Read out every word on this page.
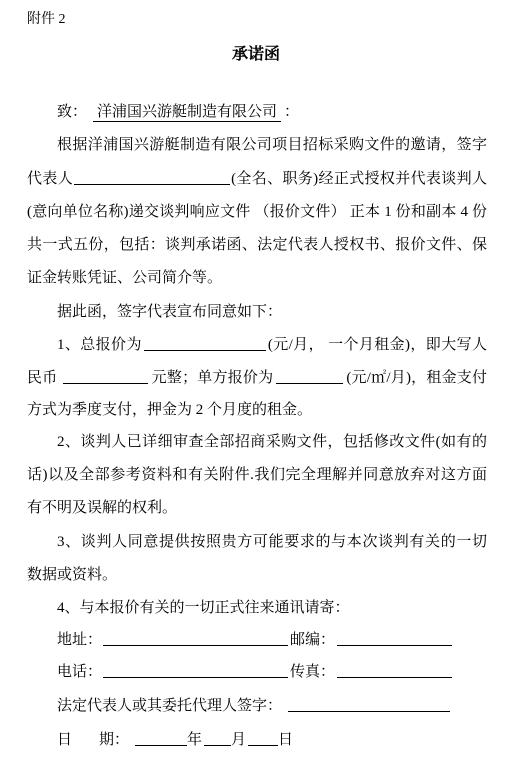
附件 2
承诺函
致： 洋浦国兴游艇制造有限公司 ：
根据洋浦国兴游艇制造有限公司项目招标采购文件的邀请，签字
代表人	(全名、职务)经正式授权并代表谈判人
(意向单位名称)递交谈判响应文件 （报价文件） 正本 1 份和副本 4 份
共一式五份，包括：谈判承诺函、法定代表人授权书、报价文件、保
证金转账凭证、公司简介等。
据此函，签字代表宣布同意如下：
1、总报价为	(元/月， 一个月租金)，即大写人
民币	元整；单方报价为	(元/㎡/月)，租金支付
方式为季度支付，押金为 2 个月度的租金。
2、谈判人已详细审查全部招商采购文件，包括修改文件(如有的
话)以及全部参考资料和有关附件.我们完全理解并同意放弃对这方面
有不明及误解的权利。
3、谈判人同意提供按照贵方可能要求的与本次谈判有关的一切
数据或资料。
4、与本报价有关的一切正式往来通讯请寄：
地址：	邮编：
电话：	传真：
法定代表人或其委托代理人签字：
日    期：	年 月 日
